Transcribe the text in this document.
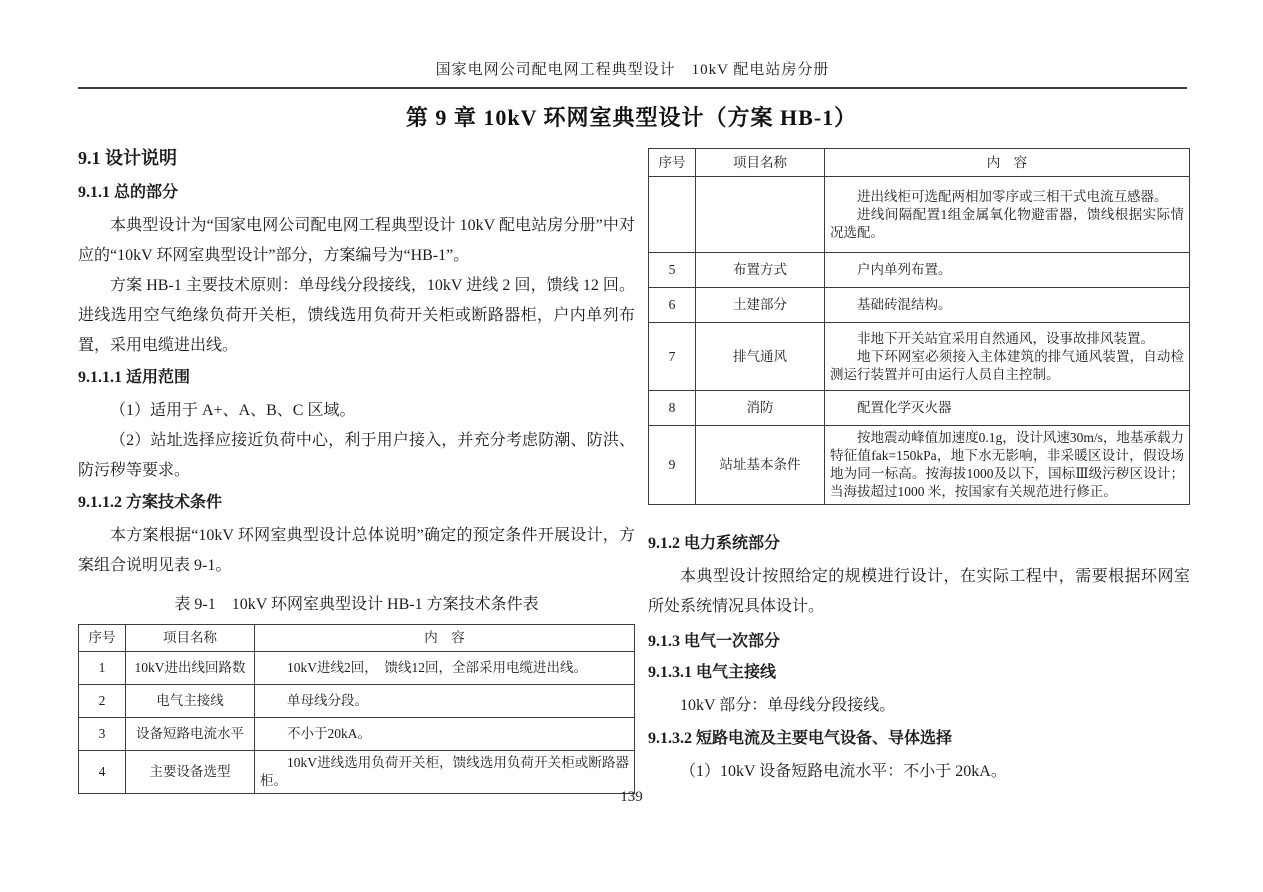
国家电网公司配电网工程典型设计　10kV 配电站房分册
第 9 章 10kV 环网室典型设计（方案 HB-1）
9.1 设计说明
9.1.1 总的部分

本典型设计为“国家电网公司配电网工程典型设计 10kV 配电站房分册”中对应的“10kV 环网室典型设计”部分，方案编号为“HB-1”。

方案 HB-1 主要技术原则：单母线分段接线，10kV 进线 2 回，馈线 12 回。进线选用空气绝缘负荷开关柜，馈线选用负荷开关柜或断路器柜，户内单列布置，采用电缆进出线。

9.1.1.1 适用范围

（1）适用于 A+、A、B、C 区域。

（2）站址选择应接近负荷中心，利于用户接入，并充分考虑防潮、防洪、防污秽等要求。

9.1.1.2 方案技术条件

本方案根据“10kV 环网室典型设计总体说明”确定的预定条件开展设计，方案组合说明见表 9-1。

表 9-1　10kV 环网室典型设计 HB-1 方案技术条件表
序号	项目名称	内　容
1	10kV进出线回路数	10kV进线2回，　馈线12回，全部采用电缆进出线。

2	电气主接线	单母线分段。

3	设备短路电流水平	不小于20kA。

4	主要设备选型	10kV进线选用负荷开关柜，馈线选用负荷开关柜或断路器柜。
序号	项目名称	内　容

		进出线柜可选配两相加零序或三相干式电流互感器。
进线间隔配置1组金属氧化物避雷器，馈线根据实际情况选配。

5	布置方式	户内单列布置。

6	土建部分	基础砖混结构。

7	排气通风	非地下开关站宜采用自然通风，设事故排风装置。
地下环网室必须接入主体建筑的排气通风装置，自动检测运行装置并可由运行人员自主控制。

8	消防	配置化学灭火器

9	站址基本条件	按地震动峰值加速度0.1g，设计风速30m/s，地基承载力特征值fak=150kPa，地下水无影响，非采暖区设计，假设场地为同一标高。按海拔1000及以下，国标Ⅲ级污秽区设计；当海拔超过1000 米，按国家有关规范进行修正。
9.1.2 电力系统部分

本典型设计按照给定的规模进行设计，在实际工程中，需要根据环网室所处系统情况具体设计。

9.1.3 电气一次部分
9.1.3.1 电气主接线

10kV 部分：单母线分段接线。

9.1.3.2 短路电流及主要电气设备、导体选择

（1）10kV 设备短路电流水平：不小于 20kA。

139
